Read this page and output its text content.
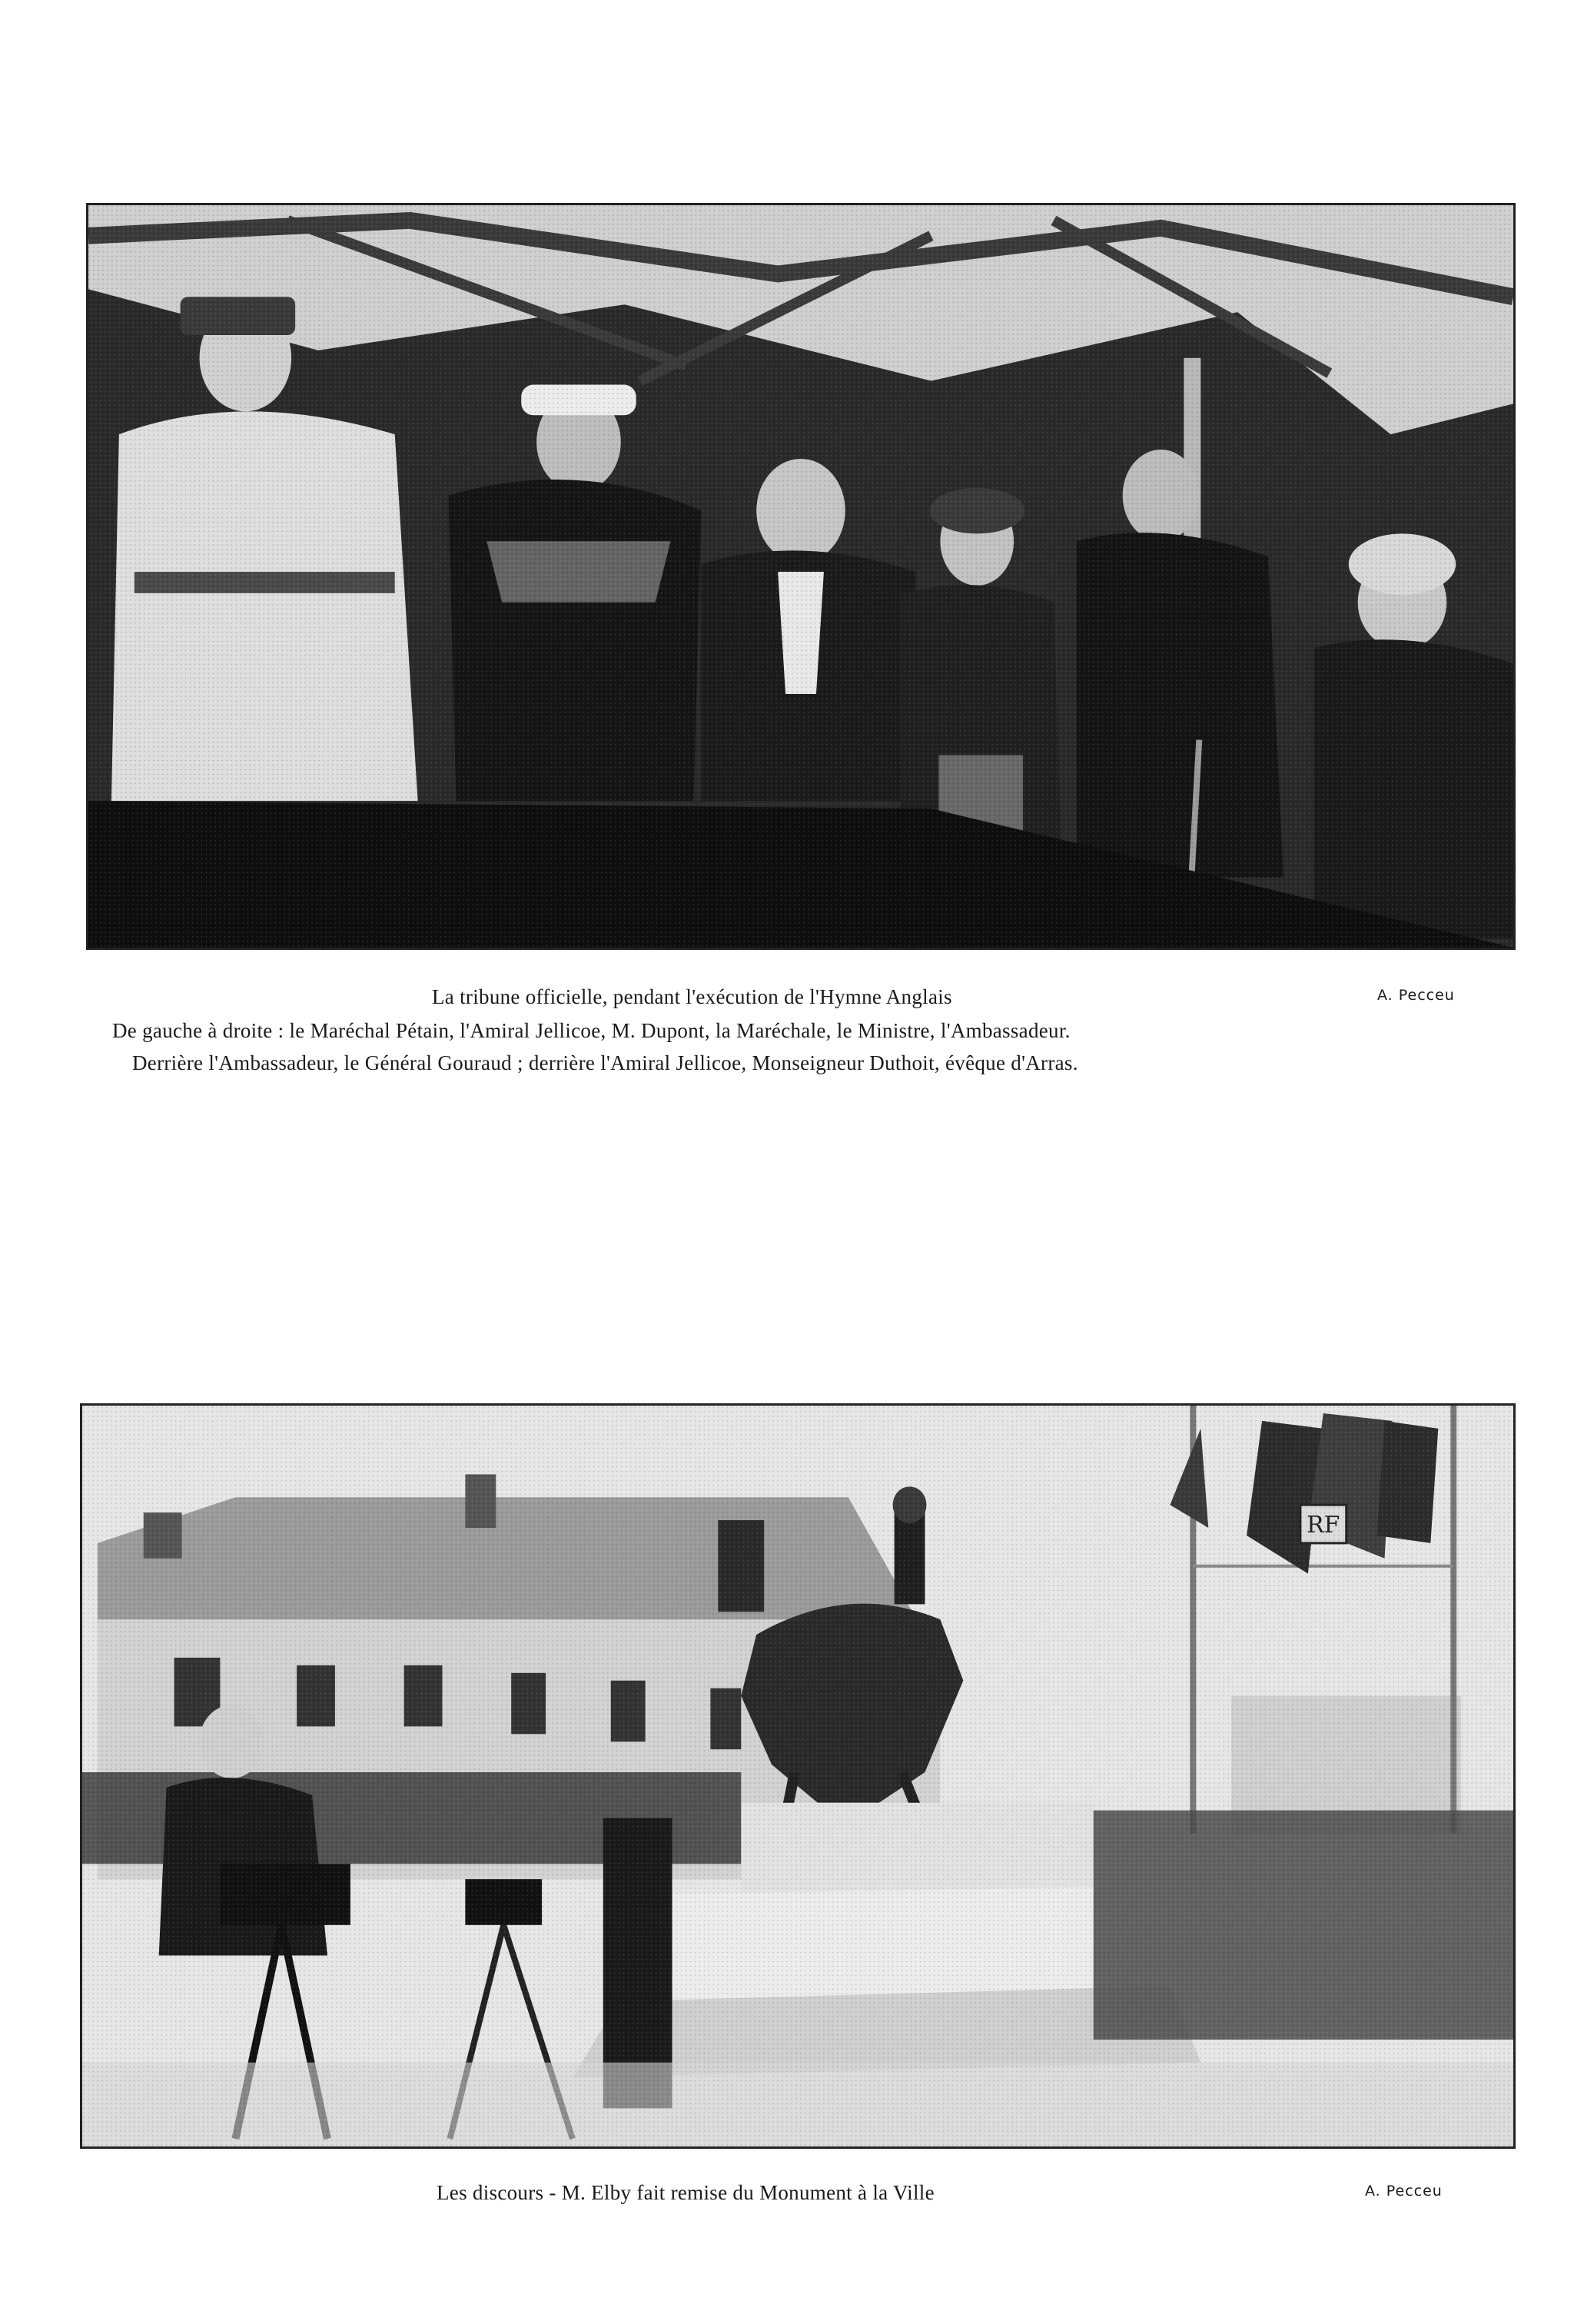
La tribune officielle, pendant l'exécution de l'Hymne Anglais	A. Pecceu
De gauche à droite : le Maréchal Pétain, l'Amiral Jellicoe, M. Dupont, la Maréchale, le Ministre, l'Ambassadeur.
Derrière l'Ambassadeur, le Général Gouraud ; derrière l'Amiral Jellicoe, Monseigneur Duthoit, évêque d'Arras.
Les discours - M. Elby fait remise du Monument à la Ville	A. Pecceu
